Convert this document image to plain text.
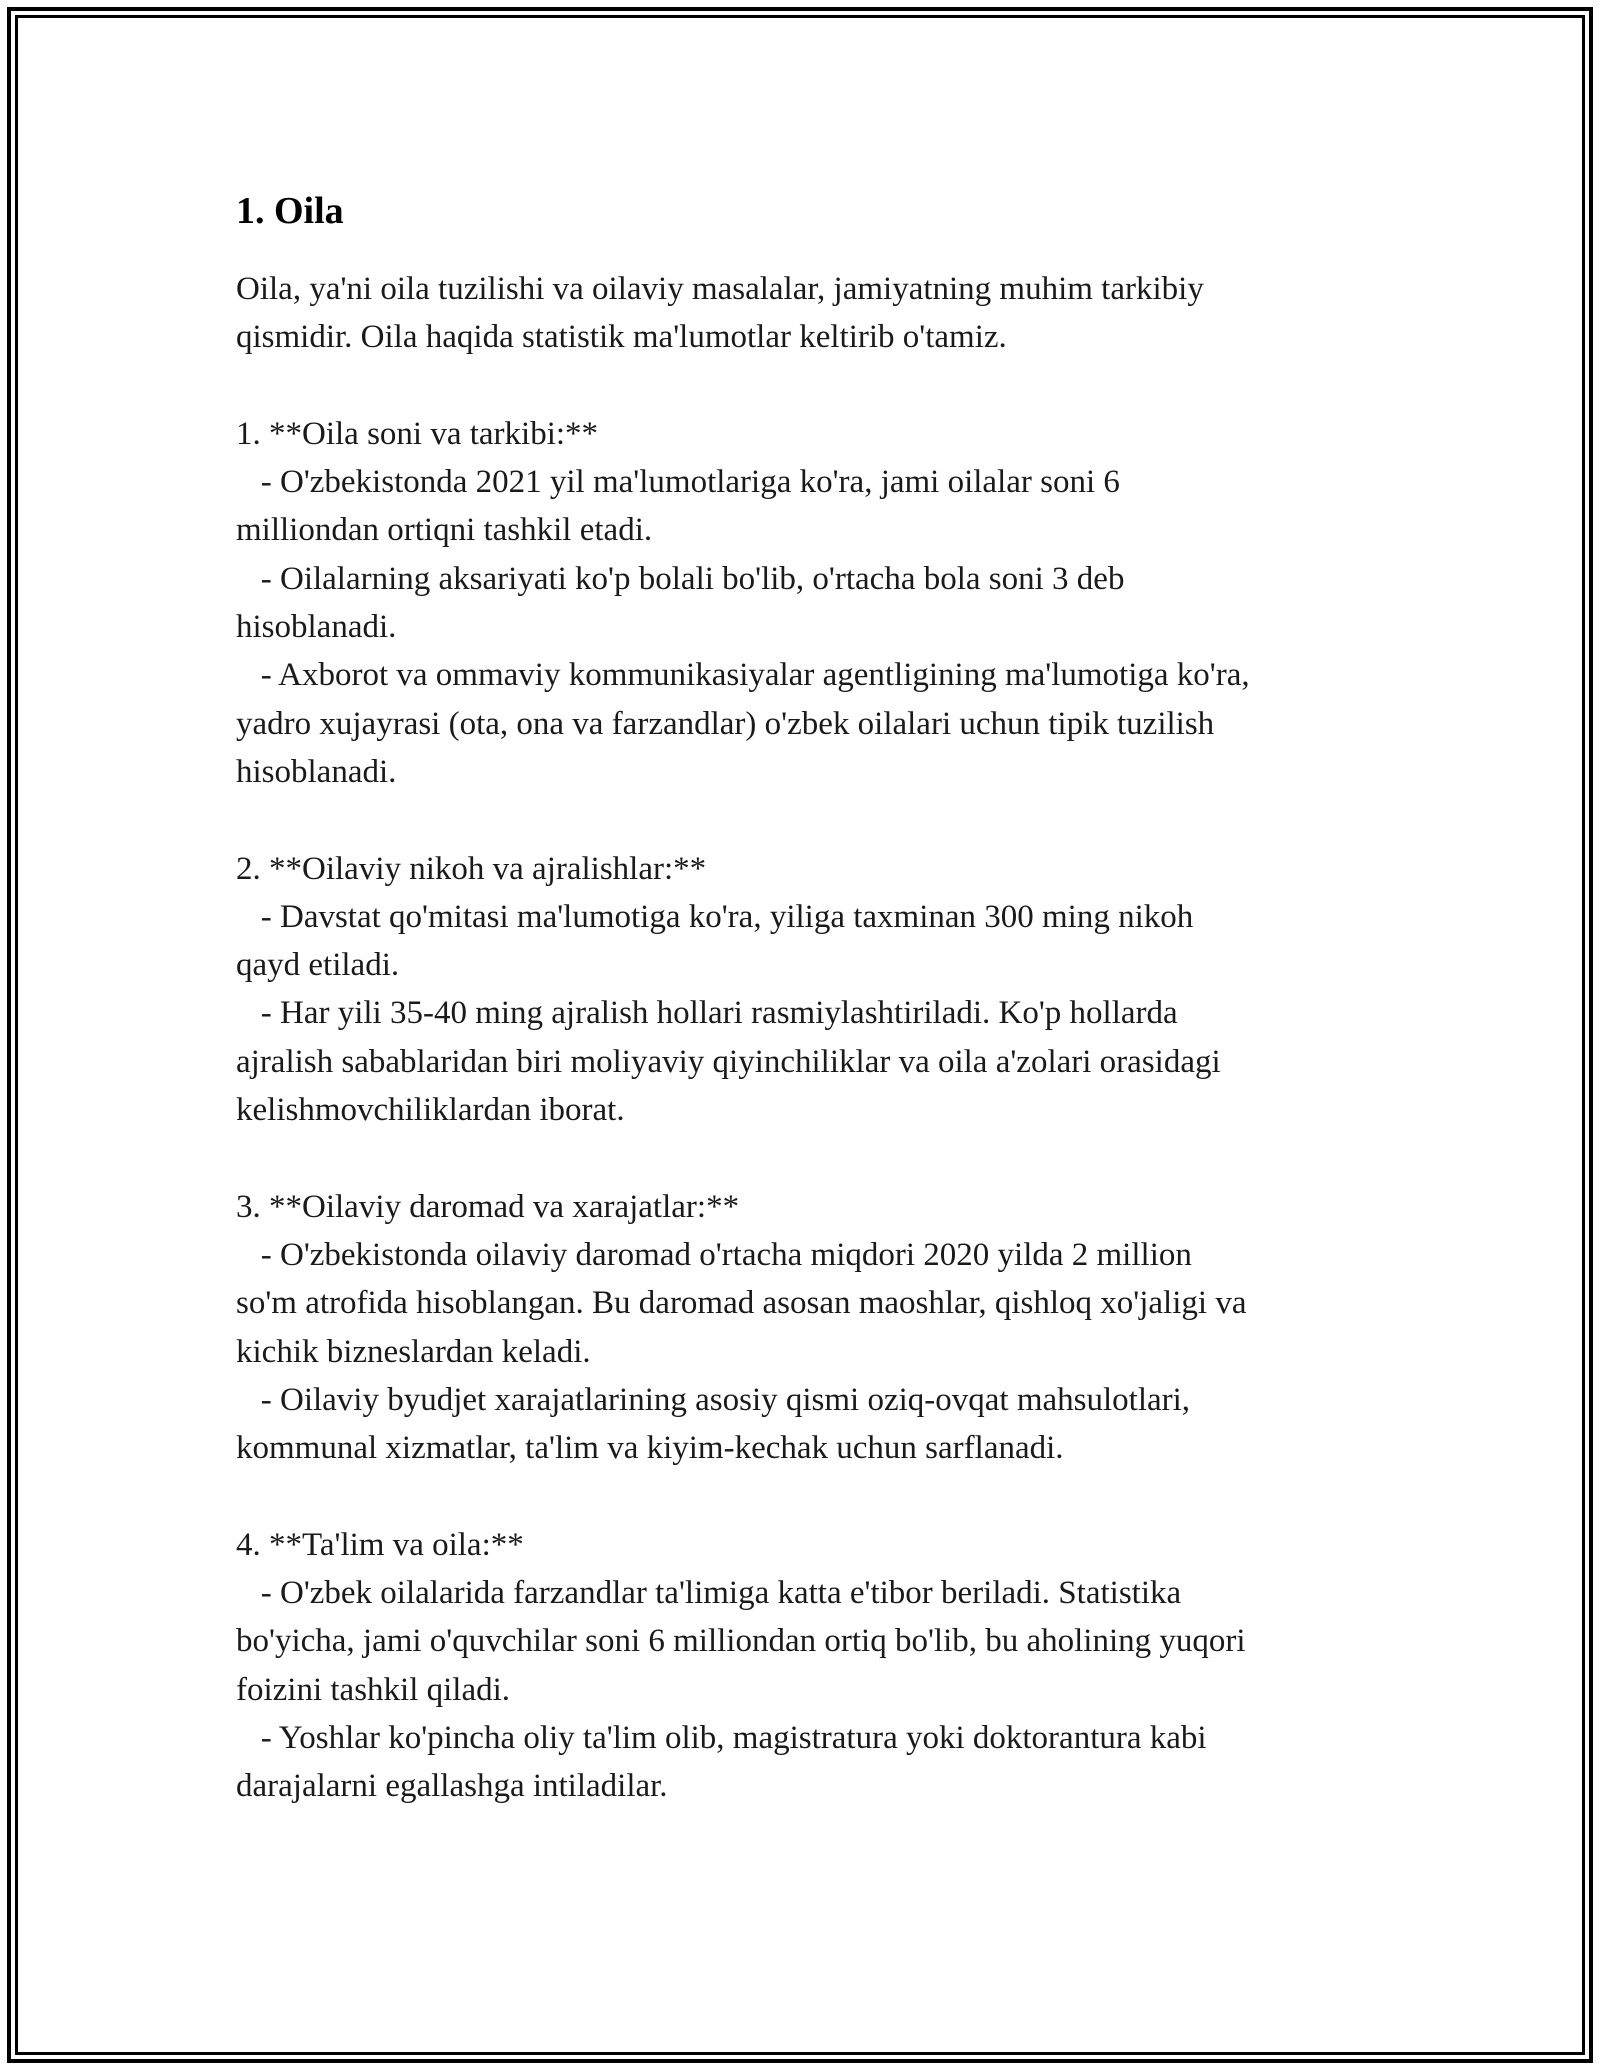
1. Oila

Oila, ya'ni oila tuzilishi va oilaviy masalalar, jamiyatning muhim tarkibiy
qismidir. Oila haqida statistik ma'lumotlar keltirib o'tamiz.

1. **Oila soni va tarkibi:**

- O'zbekistonda 2021 yil ma'lumotlariga ko'ra, jami oilalar soni 6
milliondan ortiqni tashkil etadi.

- Oilalarning aksariyati ko'p bolali bo'lib, o'rtacha bola soni 3 deb
hisoblanadi.

- Axborot va ommaviy kommunikasiyalar agentligining ma'lumotiga ko'ra,
yadro xujayrasi (ota, ona va farzandlar) o'zbek oilalari uchun tipik tuzilish
hisoblanadi.

2. **Oilaviy nikoh va ajralishlar:**

- Davstat qo'mitasi ma'lumotiga ko'ra, yiliga taxminan 300 ming nikoh
qayd etiladi.

- Har yili 35-40 ming ajralish hollari rasmiylashtiriladi. Ko'p hollarda
ajralish sabablaridan biri moliyaviy qiyinchiliklar va oila a'zolari orasidagi
kelishmovchiliklardan iborat.

3. **Oilaviy daromad va xarajatlar:**

- O'zbekistonda oilaviy daromad o'rtacha miqdori 2020 yilda 2 million
so'm atrofida hisoblangan. Bu daromad asosan maoshlar, qishloq xo'jaligi va
kichik bizneslardan keladi.

- Oilaviy byudjet xarajatlarining asosiy qismi oziq-ovqat mahsulotlari,
kommunal xizmatlar, ta'lim va kiyim-kechak uchun sarflanadi.

4. **Ta'lim va oila:**

- O'zbek oilalarida farzandlar ta'limiga katta e'tibor beriladi. Statistika
bo'yicha, jami o'quvchilar soni 6 milliondan ortiq bo'lib, bu aholining yuqori
foizini tashkil qiladi.

- Yoshlar ko'pincha oliy ta'lim olib, magistratura yoki doktorantura kabi
darajalarni egallashga intiladilar.
